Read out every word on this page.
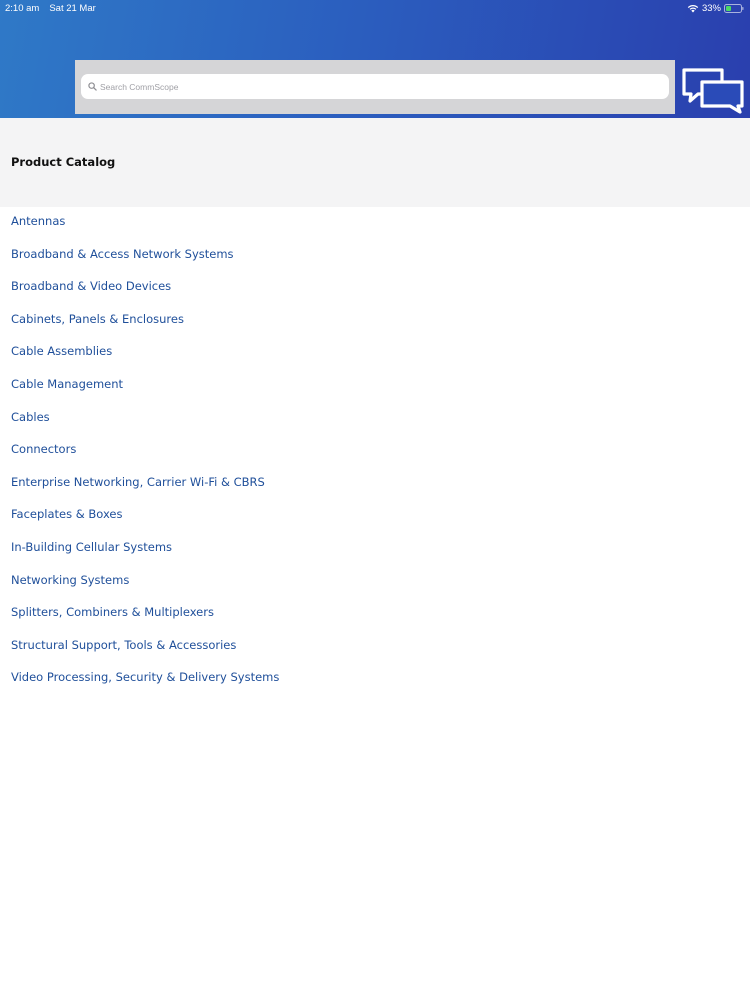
2:10 am Sat 21 Mar	33%
Search CommScope
Product Catalog
Antennas
Broadband & Access Network Systems
Broadband & Video Devices
Cabinets, Panels & Enclosures
Cable Assemblies
Cable Management
Cables
Connectors
Enterprise Networking, Carrier Wi-Fi & CBRS
Faceplates & Boxes
In-Building Cellular Systems
Networking Systems
Splitters, Combiners & Multiplexers
Structural Support, Tools & Accessories
Video Processing, Security & Delivery Systems
